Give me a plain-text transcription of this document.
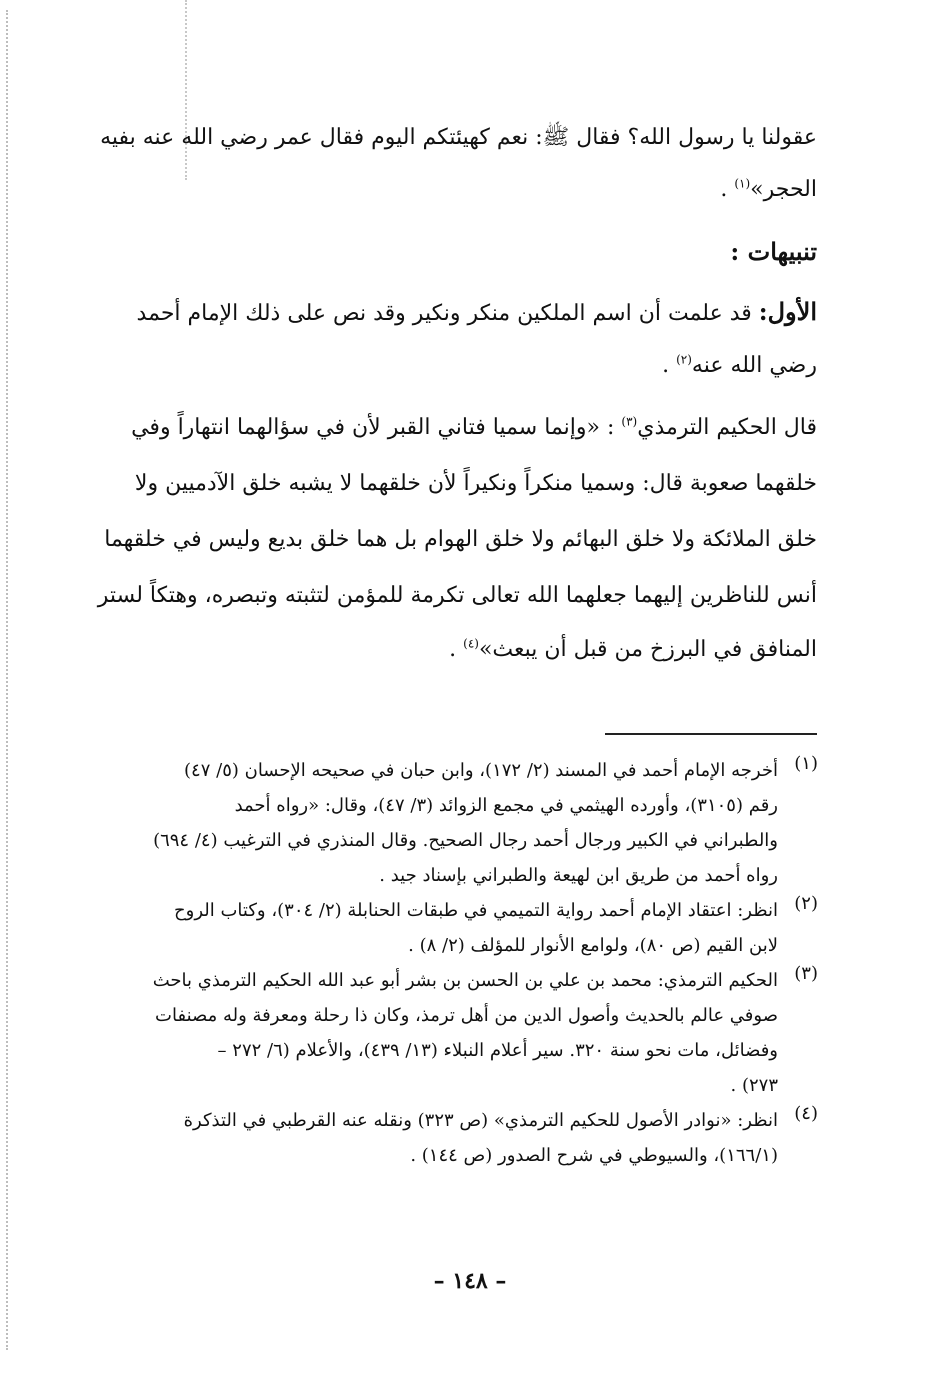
عقولنا يا رسول الله؟ فقال ﷺ: نعم كهيئتكم اليوم فقال عمر رضي الله عنه بفيه
الحجر»$^{(١)}$ .
تنبيهات :
الأول: قد علمت أن اسم الملكين منكر ونكير وقد نص على ذلك الإمام أحمد
رضي الله عنه$^{(٢)}$ .
قال الحكيم الترمذي$^{(٣)}$ : «وإنما سميا فتاني القبر لأن في سؤالهما انتهاراً وفي
خلقهما صعوبة قال: وسميا منكراً ونكيراً لأن خلقهما لا يشبه خلق الآدميين ولا
خلق الملائكة ولا خلق البهائم ولا خلق الهوام بل هما خلق بديع وليس في خلقهما
أنس للناظرين إليهما جعلهما الله تعالى تكرمة للمؤمن لتثبته وتبصره، وهتكاً لستر
المنافق في البرزخ من قبل أن يبعث»$^{(٤)}$ .
(١)
أخرجه الإمام أحمد في المسند (٢/ ١٧٢)، وابن حبان في صحيحه الإحسان (٥/ ٤٧)
رقم (٣١٠٥)، وأورده الهيثمي في مجمع الزوائد (٣/ ٤٧)، وقال: «رواه أحمد
والطبراني في الكبير ورجال أحمد رجال الصحيح. وقال المنذري في الترغيب (٤/ ٦٩٤)
رواه أحمد من طريق ابن لهيعة والطبراني بإسناد جيد .
(٢)
انظر: اعتقاد الإمام أحمد رواية التميمي في طبقات الحنابلة (٢/ ٣٠٤)، وكتاب الروح
لابن القيم (ص ٨٠)، ولوامع الأنوار للمؤلف (٢/ ٨) .
(٣)
الحكيم الترمذي: محمد بن علي بن الحسن بن بشر أبو عبد الله الحكيم الترمذي باحث
صوفي عالم بالحديث وأصول الدين من أهل ترمذ، وكان ذا رحلة ومعرفة وله مصنفات
وفضائل، مات نحو سنة ٣٢٠. سير أعلام النبلاء (١٣/ ٤٣٩)، والأعلام (٦/ ٢٧٢ –
٢٧٣) .
(٤)
انظر: «نوادر الأصول للحكيم الترمذي» (ص ٣٢٣) ونقله عنه القرطبي في التذكرة
(١٦٦/١)، والسيوطي في شرح الصدور (ص ١٤٤) .
– ١٤٨ –
